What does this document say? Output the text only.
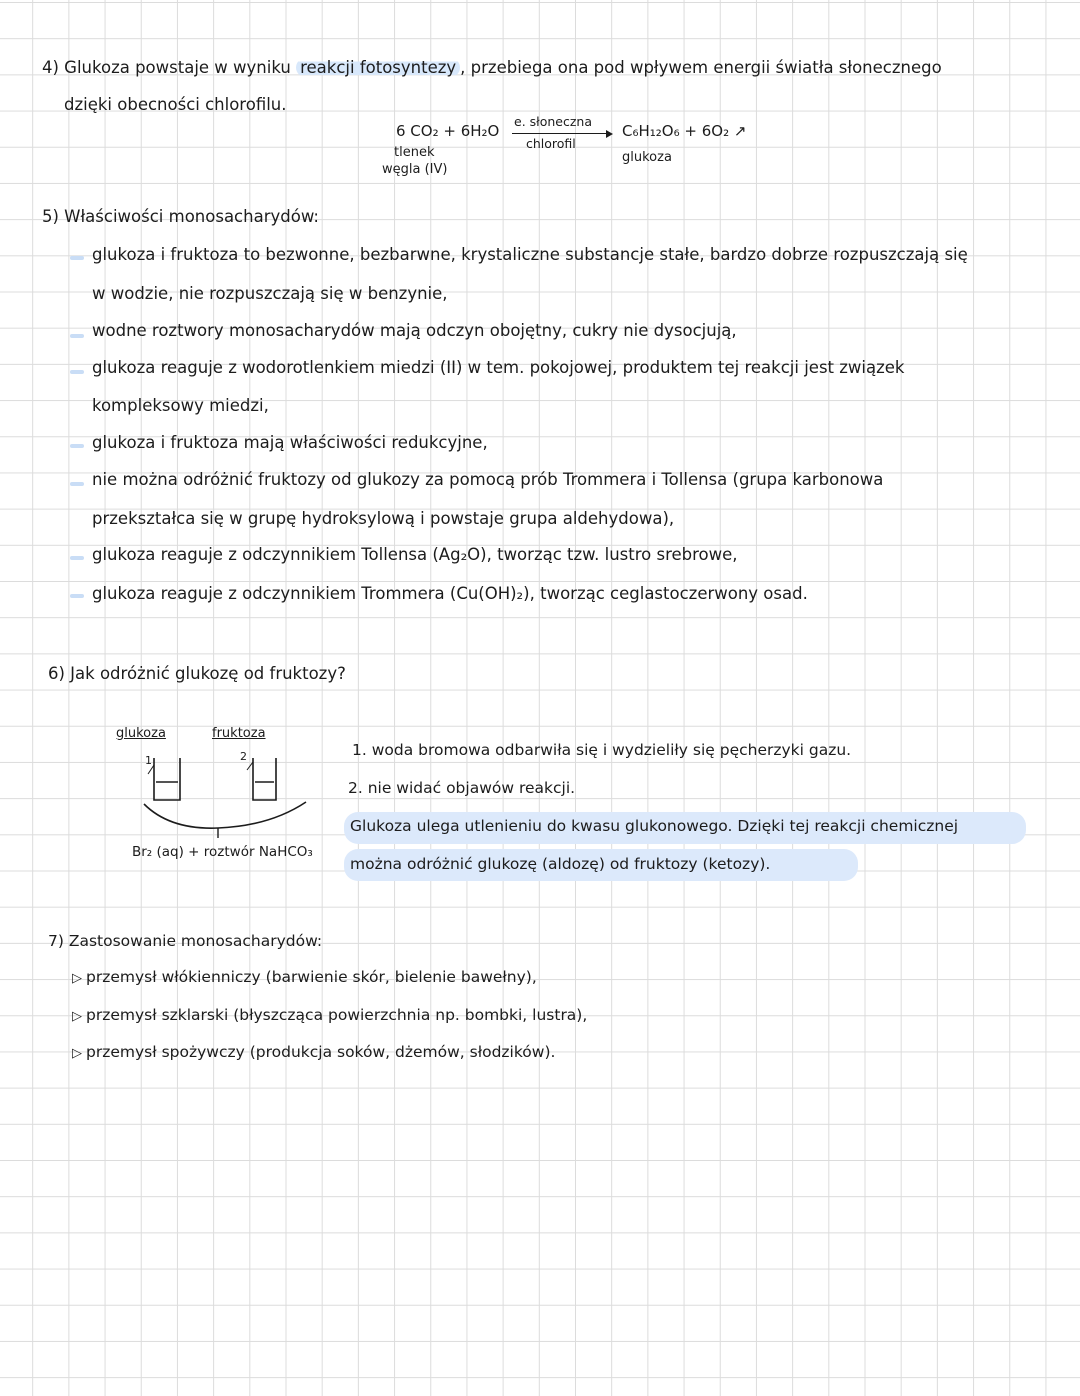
4) Glukoza powstaje w wyniku reakcji fotosyntezy , przebiega ona pod wpływem energii światła słonecznego
dzięki obecności chlorofilu.
6 CO₂ + 6H₂O
e. słoneczna
chlorofil
C₆H₁₂O₆ + 6O₂ ↗
tlenek
węgla (IV)
glukoza
5) Właściwości monosacharydów:
glukoza i fruktoza to bezwonne, bezbarwne, krystaliczne substancje stałe, bardzo dobrze rozpuszczają się
w wodzie, nie rozpuszczają się w benzynie,
wodne roztwory monosacharydów mają odczyn obojętny, cukry nie dysocjują,
glukoza reaguje z wodorotlenkiem miedzi (II) w tem. pokojowej, produktem tej reakcji jest związek
kompleksowy miedzi,
glukoza i fruktoza mają właściwości redukcyjne,
nie można odróżnić fruktozy od glukozy za pomocą prób Trommera i Tollensa (grupa karbonowa
przekształca się w grupę hydroksylową i powstaje grupa aldehydowa),
glukoza reaguje z odczynnikiem Tollensa (Ag₂O), tworząc tzw. lustro srebrowe,
glukoza reaguje z odczynnikiem Trommera (Cu(OH)₂), tworząc ceglastoczerwony osad.
6) Jak odróżnić glukozę od fruktozy?
glukoza	fruktoza
1	2
Br₂ (aq) + roztwór NaHCO₃
1. woda bromowa odbarwiła się i wydzieliły się pęcherzyki gazu.
2. nie widać objawów reakcji.
Glukoza ulega utlenieniu do kwasu glukonowego. Dzięki tej reakcji chemicznej
można odróżnić glukozę (aldozę) od fruktozy (ketozy).
7) Zastosowanie monosacharydów:
▷ przemysł włókienniczy (barwienie skór, bielenie bawełny),
▷ przemysł szklarski (błyszcząca powierzchnia np. bombki, lustra),
▷ przemysł spożywczy (produkcja soków, dżemów, słodzików).
